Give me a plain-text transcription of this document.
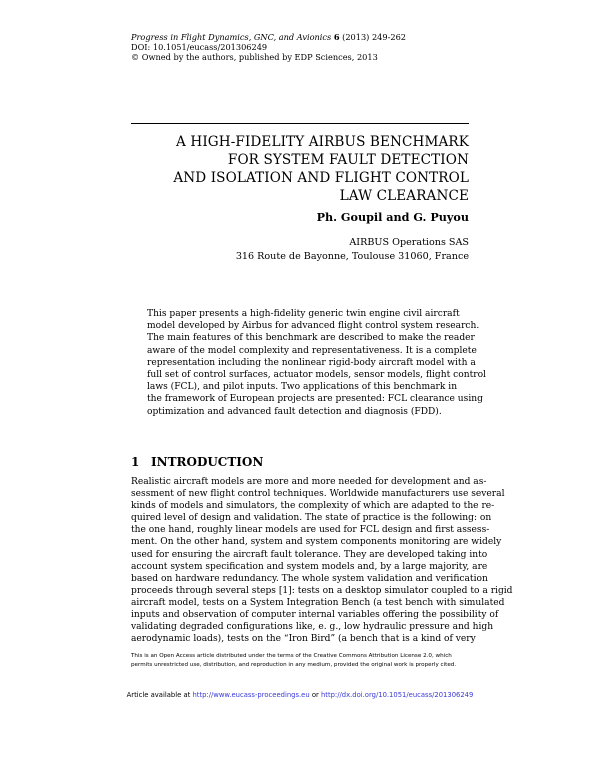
Progress in Flight Dynamics, GNC, and Avionics 6 (2013) 249-262
DOI: 10.1051/eucass/201306249
© Owned by the authors, published by EDP Sciences, 2013
A HIGH-FIDELITY AIRBUS BENCHMARK
FOR SYSTEM FAULT DETECTION
AND ISOLATION AND FLIGHT CONTROL
LAW CLEARANCE
Ph. Goupil and G. Puyou
AIRBUS Operations SAS
316 Route de Bayonne, Toulouse 31060, France
This paper presents a high-fidelity generic twin engine civil aircraft
model developed by Airbus for advanced flight control system research.
The main features of this benchmark are described to make the reader
aware of the model complexity and representativeness. It is a complete
representation including the nonlinear rigid-body aircraft model with a
full set of control surfaces, actuator models, sensor models, flight control
laws (FCL), and pilot inputs. Two applications of this benchmark in
the framework of European projects are presented: FCL clearance using
optimization and advanced fault detection and diagnosis (FDD).
1 INTRODUCTION
Realistic aircraft models are more and more needed for development and as-
sessment of new flight control techniques. Worldwide manufacturers use several
kinds of models and simulators, the complexity of which are adapted to the re-
quired level of design and validation. The state of practice is the following: on
the one hand, roughly linear models are used for FCL design and first assess-
ment. On the other hand, system and system components monitoring are widely
used for ensuring the aircraft fault tolerance. They are developed taking into
account system specification and system models and, by a large majority, are
based on hardware redundancy. The whole system validation and verification
proceeds through several steps [1]: tests on a desktop simulator coupled to a rigid
aircraft model, tests on a System Integration Bench (a test bench with simulated
inputs and observation of computer internal variables offering the possibility of
validating degraded configurations like, e. g., low hydraulic pressure and high
aerodynamic loads), tests on the “Iron Bird” (a bench that is a kind of very
This is an Open Access article distributed under the terms of the Creative Commons Attribution License 2.0, which
permits unrestricted use, distribution, and reproduction in any medium, provided the original work is properly cited.
Article available at http://www.eucass-proceedings.eu or http://dx.doi.org/10.1051/eucass/201306249
